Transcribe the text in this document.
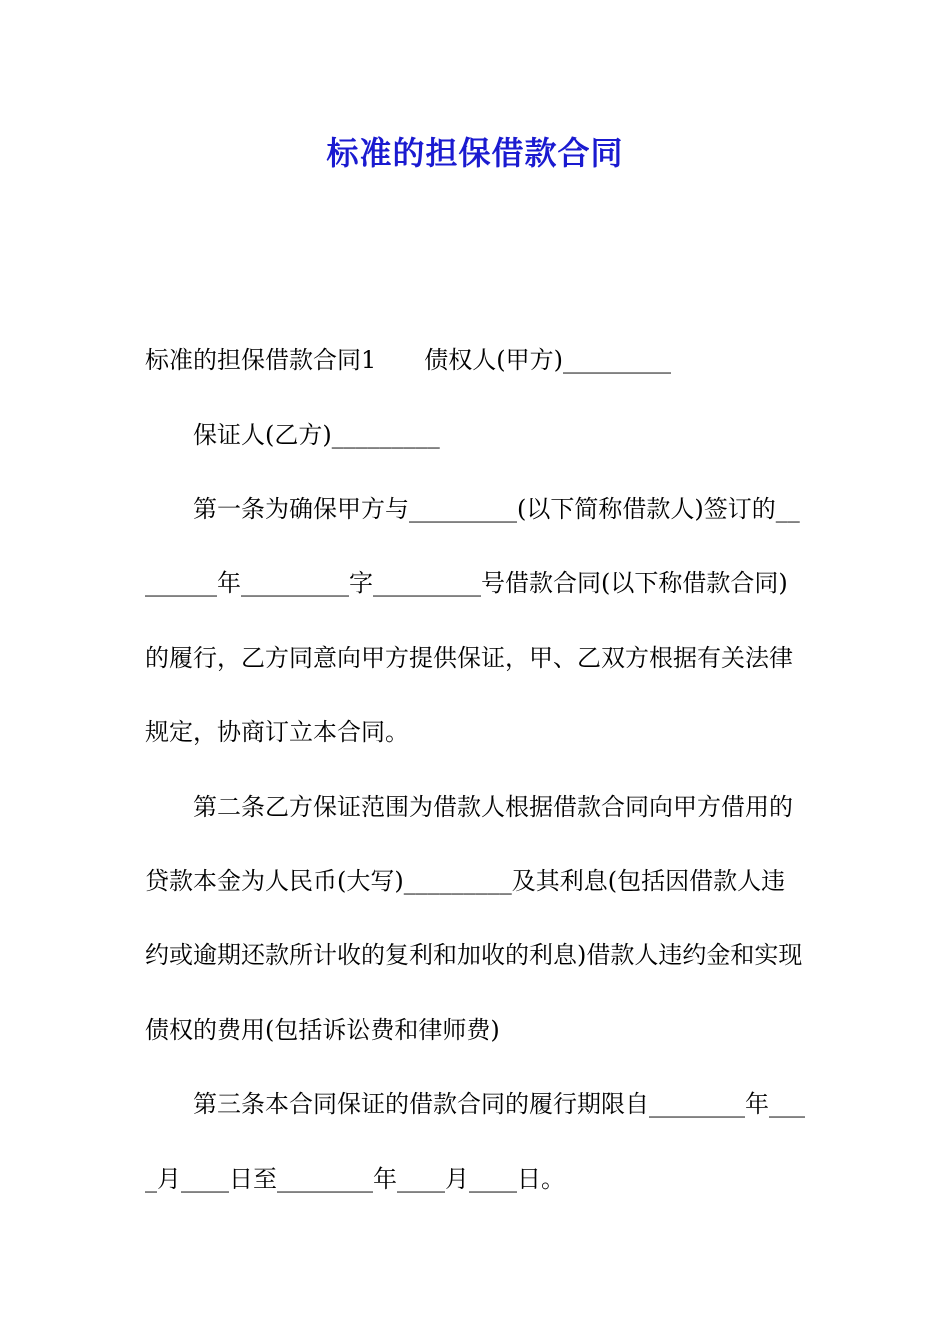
标准的担保借款合同

标准的担保借款合同1　　债权人(甲方)_________

保证人(乙方)_________

第一条为确保甲方与_________(以下简称借款人)签订的__

______年_________字_________号借款合同(以下称借款合同)

的履行，乙方同意向甲方提供保证，甲、乙双方根据有关法律

规定，协商订立本合同。

第二条乙方保证范围为借款人根据借款合同向甲方借用的

贷款本金为人民币(大写)_________及其利息(包括因借款人违

约或逾期还款所计收的复利和加收的利息)借款人违约金和实现

债权的费用(包括诉讼费和律师费)

第三条本合同保证的借款合同的履行期限自________年___

_月____日至________年____月____日。
